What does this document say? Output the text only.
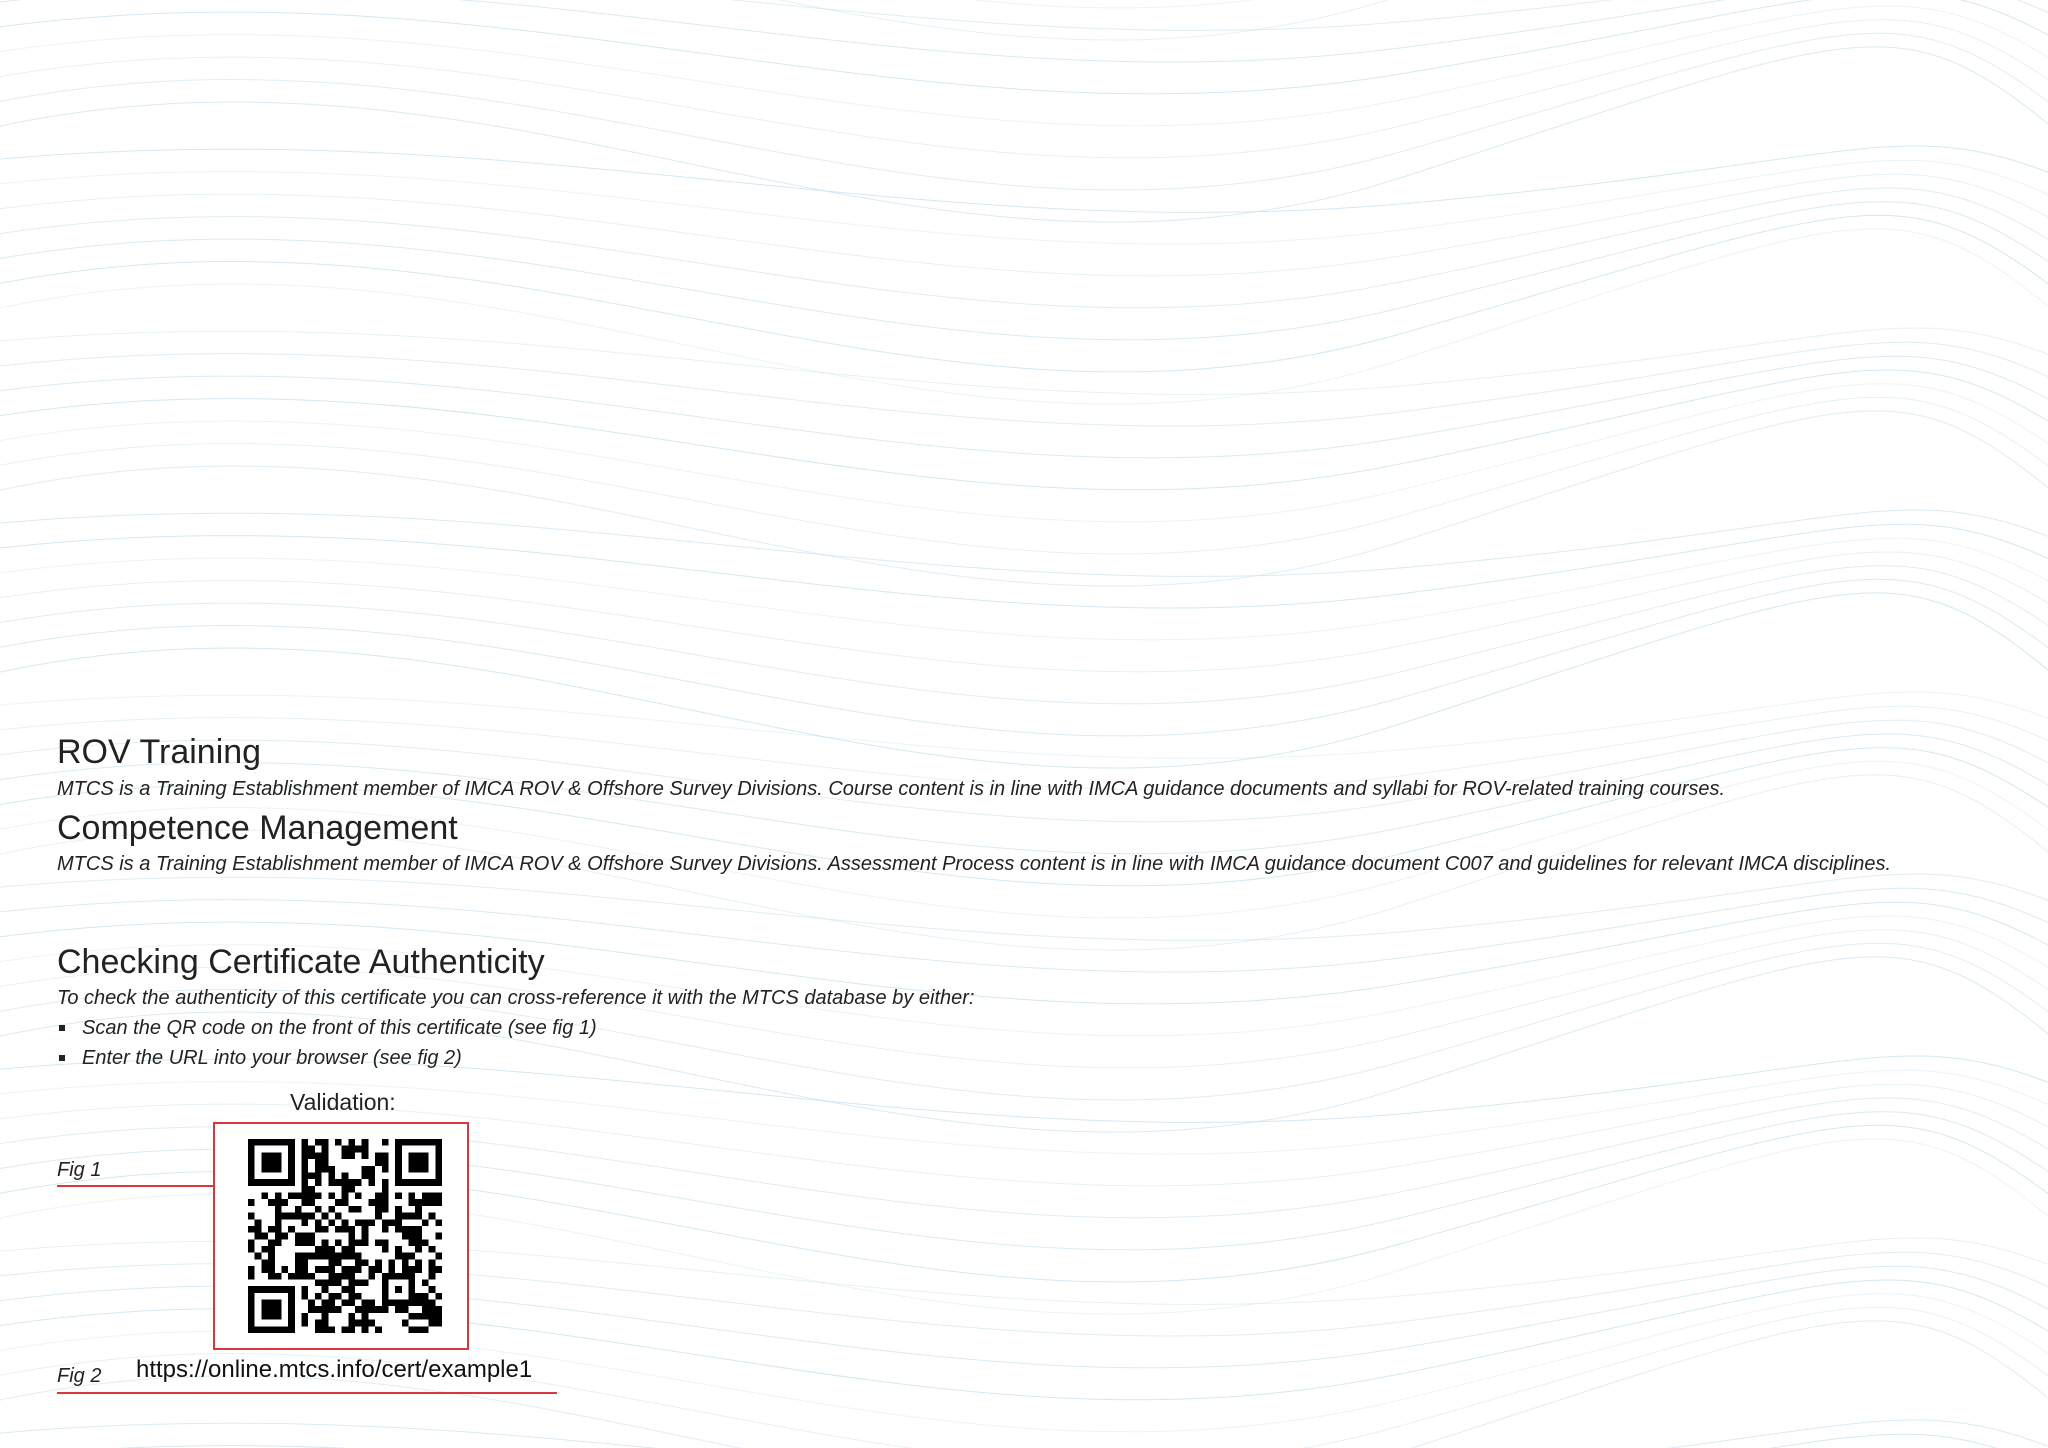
ROV Training

MTCS is a Training Establishment member of IMCA ROV & Offshore Survey Divisions. Course content is in line with IMCA guidance documents and syllabi for ROV-related training courses.

Competence Management

MTCS is a Training Establishment member of IMCA ROV & Offshore Survey Divisions. Assessment Process content is in line with IMCA guidance document C007 and guidelines for relevant IMCA disciplines.

Checking Certificate Authenticity

To check the authenticity of this certificate you can cross-reference it with the MTCS database by either:

Scan the QR code on the front of this certificate (see fig 1)
Enter the URL into your browser (see fig 2)
Validation:
Fig 1
Fig 2 https://online.mtcs.info/cert/example1
